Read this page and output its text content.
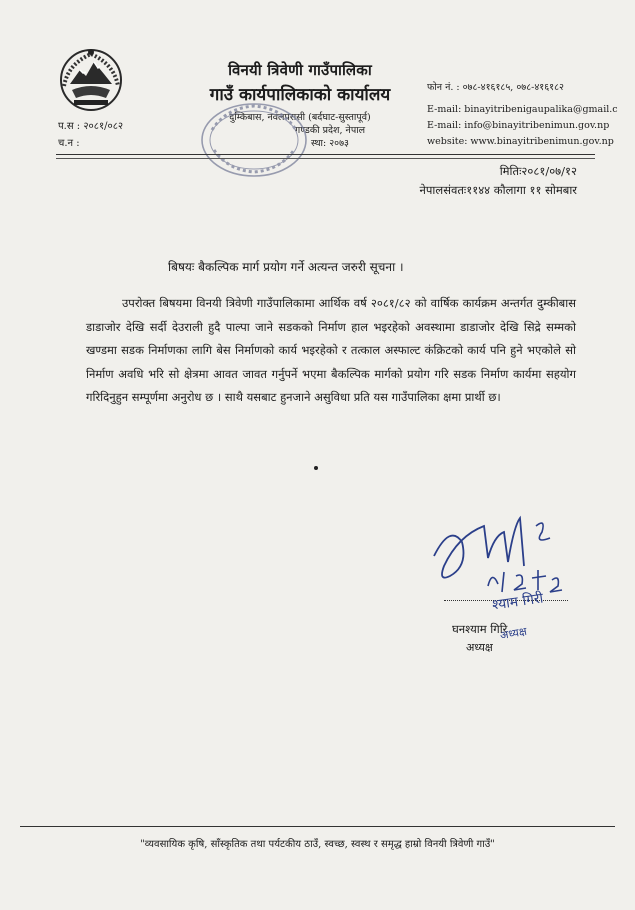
विनयी त्रिवेणी गाउँपालिका
गाउँ कार्यपालिकाको कार्यालय
दुम्किबास, नवलपरासी (बर्दघाट-सुस्तापूर्व)
गण्डकी प्रदेश, नेपाल
स्था: २०७३
प.स : २०८१/०८२
च.न :
फोन नं. : ०७८-४१६१८५, ०७८-४१६१८२
E-mail: binayitribenigaupalika@gmail.c
E-mail: info@binayitribenimun.gov.np
website: www.binayitribenimun.gov.np
मितिः२०८१/०७/१२
नेपालसंवतः११४४ कौलागा ११ सोमबार
बिषयः बैकल्पिक मार्ग प्रयोग गर्ने अत्यन्त जरुरी सूचना ।
उपरोक्त बिषयमा विनयी त्रिवेणी गाउँपालिकामा आर्थिक वर्ष २०८१/८२ को वार्षिक कार्यक्रम अन्तर्गत दुम्कीबास डाडाजोर देखि सर्दी देउराली हुदै पाल्पा जाने सडकको निर्माण हाल भइरहेको अवस्थामा डाडाजोर देखि सिद्रे सम्मको खण्डमा सडक निर्माणका लागि बेस निर्माणको कार्य भइरहेको र तत्काल अस्फाल्ट कंक्रिटको कार्य पनि हुने भएकोले सो निर्माण अवधि भरि सो क्षेत्रमा आवत जावत गर्नुपर्ने भएमा बैकल्पिक मार्गको प्रयोग गरि सडक निर्माण कार्यमा सहयोग गरिदिनुहुन सम्पूर्णमा अनुरोध छ । साथै यसबाट हुनजाने असुविधा प्रति यस गाउँपालिका क्षमा प्रार्थी छ।
श्याम गिरी
घनश्याम गिरि
अध्यक्ष
अध्यक्ष
"व्यवसायिक कृषि, साँस्कृतिक तथा पर्यटकीय ठाउँ, स्वच्छ, स्वस्थ र समृद्ध हाम्रो विनयी त्रिवेणी गाउँ"
